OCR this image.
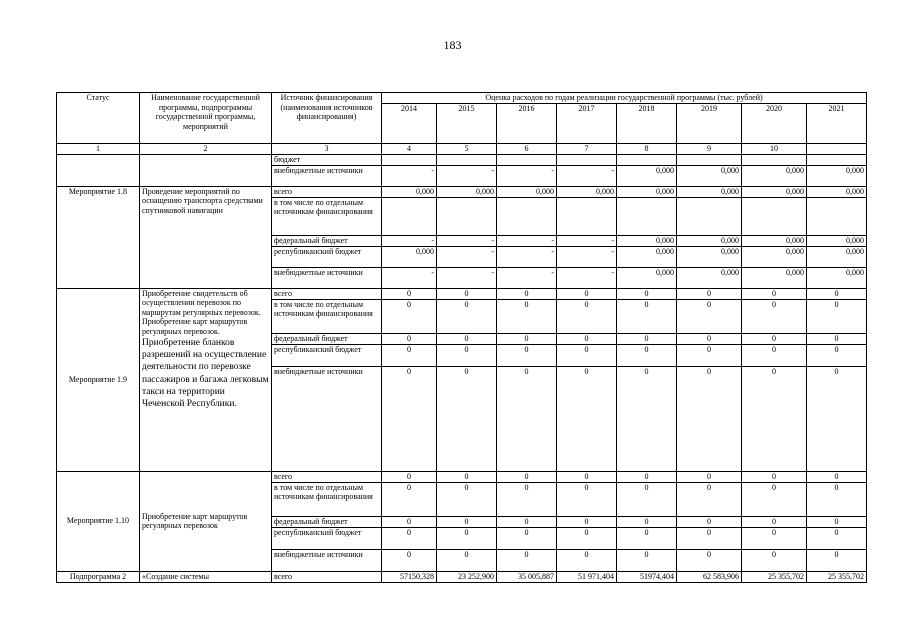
183
Статус	Наименование государственной программы, подпрограммы государственной программы, мероприятий	Источник финансирования (наименования источников финансирования)	Оценка расходов по годам реализации государственной программы (тыс. рублей)							
			2014	2015	2016	2017	2018	2019	2020	2021
1	2	3	4	5	6	7	8	9	10	
		бюджет								
		внебюджетные источники	-	-	-	-	0,000	0,000	0,000	0,000
Мероприятие 1.8	Проведение мероприятий по оснащению транспорта средствами спутниковой навигации	всего	0,000	0,000	0,000	0,000	0,000	0,000	0,000	0,000
		в том числе по отдельным источникам финансирования								
		федеральный бюджет	-	-	-	-	0,000	0,000	0,000	0,000
		республиканский бюджет	0,000	-	-	-	0,000	0,000	0,000	0,000
		внебюджетные источники	-	-	-	-	0,000	0,000	0,000	0,000
Мероприятие 1.9	Приобретение свидетельств об осуществлении перевозок по маршрутам регулярных перевозок.
Приобретение карт маршрутов регулярных перевозок.
Приобретение бланков разрешений на осуществление деятельности по перевозке пассажиров и багажа легковым такси на территории Чеченской Республики.	всего	0	0	0	0	0	0	0	0
		в том числе по отдельным источникам финансирования	0	0	0	0	0	0	0	0
		федеральный бюджет	0	0	0	0	0	0	0	0
		республиканский бюджет	0	0	0	0	0	0	0	0
		внебюджетные источники	0	0	0	0	0	0	0	0
Мероприятие 1.10	Приобретение карт маршрутов регулярных перевозок	всего	0	0	0	0	0	0	0	0
		в том числе по отдельным источникам финансирования	0	0	0	0	0	0	0	0
		федеральный бюджет	0	0	0	0	0	0	0	0
		республиканский бюджет	0	0	0	0	0	0	0	0
		внебюджетные источники	0	0	0	0	0	0	0	0
Подпрограмма 2	«Создание системы	всего	57150,328	23 252,900	35 005,887	51 971,404	51974,404	62 583,906	25 355,702	25 355,702
